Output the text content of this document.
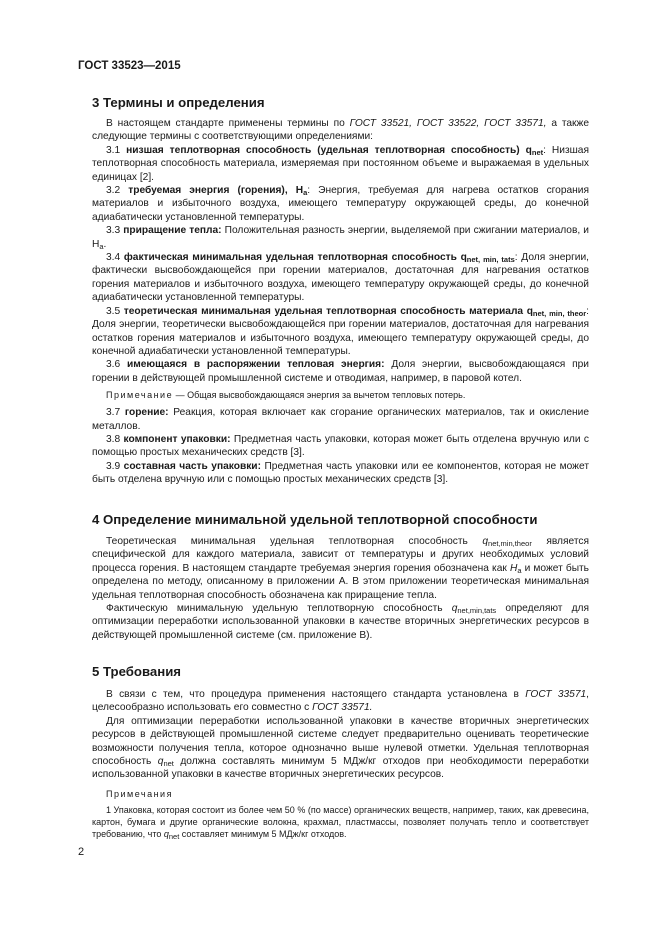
ГОСТ 33523—2015
3 Термины и определения

В настоящем стандарте применены термины по ГОСТ 33521, ГОСТ 33522, ГОСТ 33571, а также следующие термины с соответствующими определениями:

3.1 низшая теплотворная способность (удельная теплотворная способность) $q_{net}$: Низшая теплотворная способность материала, измеряемая при постоянном объеме и выражаемая в удельных единицах [2].

3.2 требуемая энергия (горения), $H_a$: Энергия, требуемая для нагрева остатков сгорания материалов и избыточного воздуха, имеющего температуру окружающей среды, до конечной адиабатически установленной температуры.

3.3 приращение тепла: Положительная разность энергии, выделяемой при сжигании материалов, и $H_a$.

3.4 фактическая минимальная удельная теплотворная способность $q_{net, min, tats}$: Доля энергии, фактически высвобождающейся при горении материалов, достаточная для нагревания остатков горения материалов и избыточного воздуха, имеющего температуру окружающей среды, до конечной адиабатически установленной температуры.

3.5 теоретическая минимальная удельная теплотворная способность материала $q_{net, min, theor}$: Доля энергии, теоретически высвобождающейся при горении материалов, достаточная для нагревания остатков горения материалов и избыточного воздуха, имеющего температуру окружающей среды, до конечной адиабатически установленной температуры.

3.6 имеющаяся в распоряжении тепловая энергия: Доля энергии, высвобождающаяся при горении в действующей промышленной системе и отводимая, например, в паровой котел.

Примечание — Общая высвобождающаяся энергия за вычетом тепловых потерь.

3.7 горение: Реакция, которая включает как сгорание органических материалов, так и окисление металлов.

3.8 компонент упаковки: Предметная часть упаковки, которая может быть отделена вручную или с помощью простых механических средств [3].

3.9 составная часть упаковки: Предметная часть упаковки или ее компонентов, которая не может быть отделена вручную или с помощью простых механических средств [3].

4 Определение минимальной удельной теплотворной способности

Теоретическая минимальная удельная теплотворная способность $q_{net,min,theor}$ является специфической для каждого материала, зависит от температуры и других необходимых условий процесса горения. В настоящем стандарте требуемая энергия горения обозначена как $H_a$ и может быть определена по методу, описанному в приложении А. В этом приложении теоретическая минимальная удельная теплотворная способность обозначена как приращение тепла.

Фактическую минимальную удельную теплотворную способность $q_{net,min,tats}$ определяют для оптимизации переработки использованной упаковки в качестве вторичных энергетических ресурсов в действующей промышленной системе (см. приложение В).

5 Требования

В связи с тем, что процедура применения настоящего стандарта установлена в ГОСТ 33571, целесообразно использовать его совместно с ГОСТ 33571.

Для оптимизации переработки использованной упаковки в качестве вторичных энергетических ресурсов в действующей промышленной системе следует предварительно оценивать теоретические возможности получения тепла, которое однозначно выше нулевой отметки. Удельная теплотворная способность $q_{net}$ должна составлять минимум 5 МДж/кг отходов при необходимости переработки использованной упаковки в качестве вторичных энергетических ресурсов.

Примечания

1 Упаковка, которая состоит из более чем 50 % (по массе) органических веществ, например, таких, как древесина, картон, бумага и другие органические волокна, крахмал, пластмассы, позволяет получать тепло и соответствует требованию, что $q_{net}$ составляет минимум 5 МДж/кг отходов.

2
